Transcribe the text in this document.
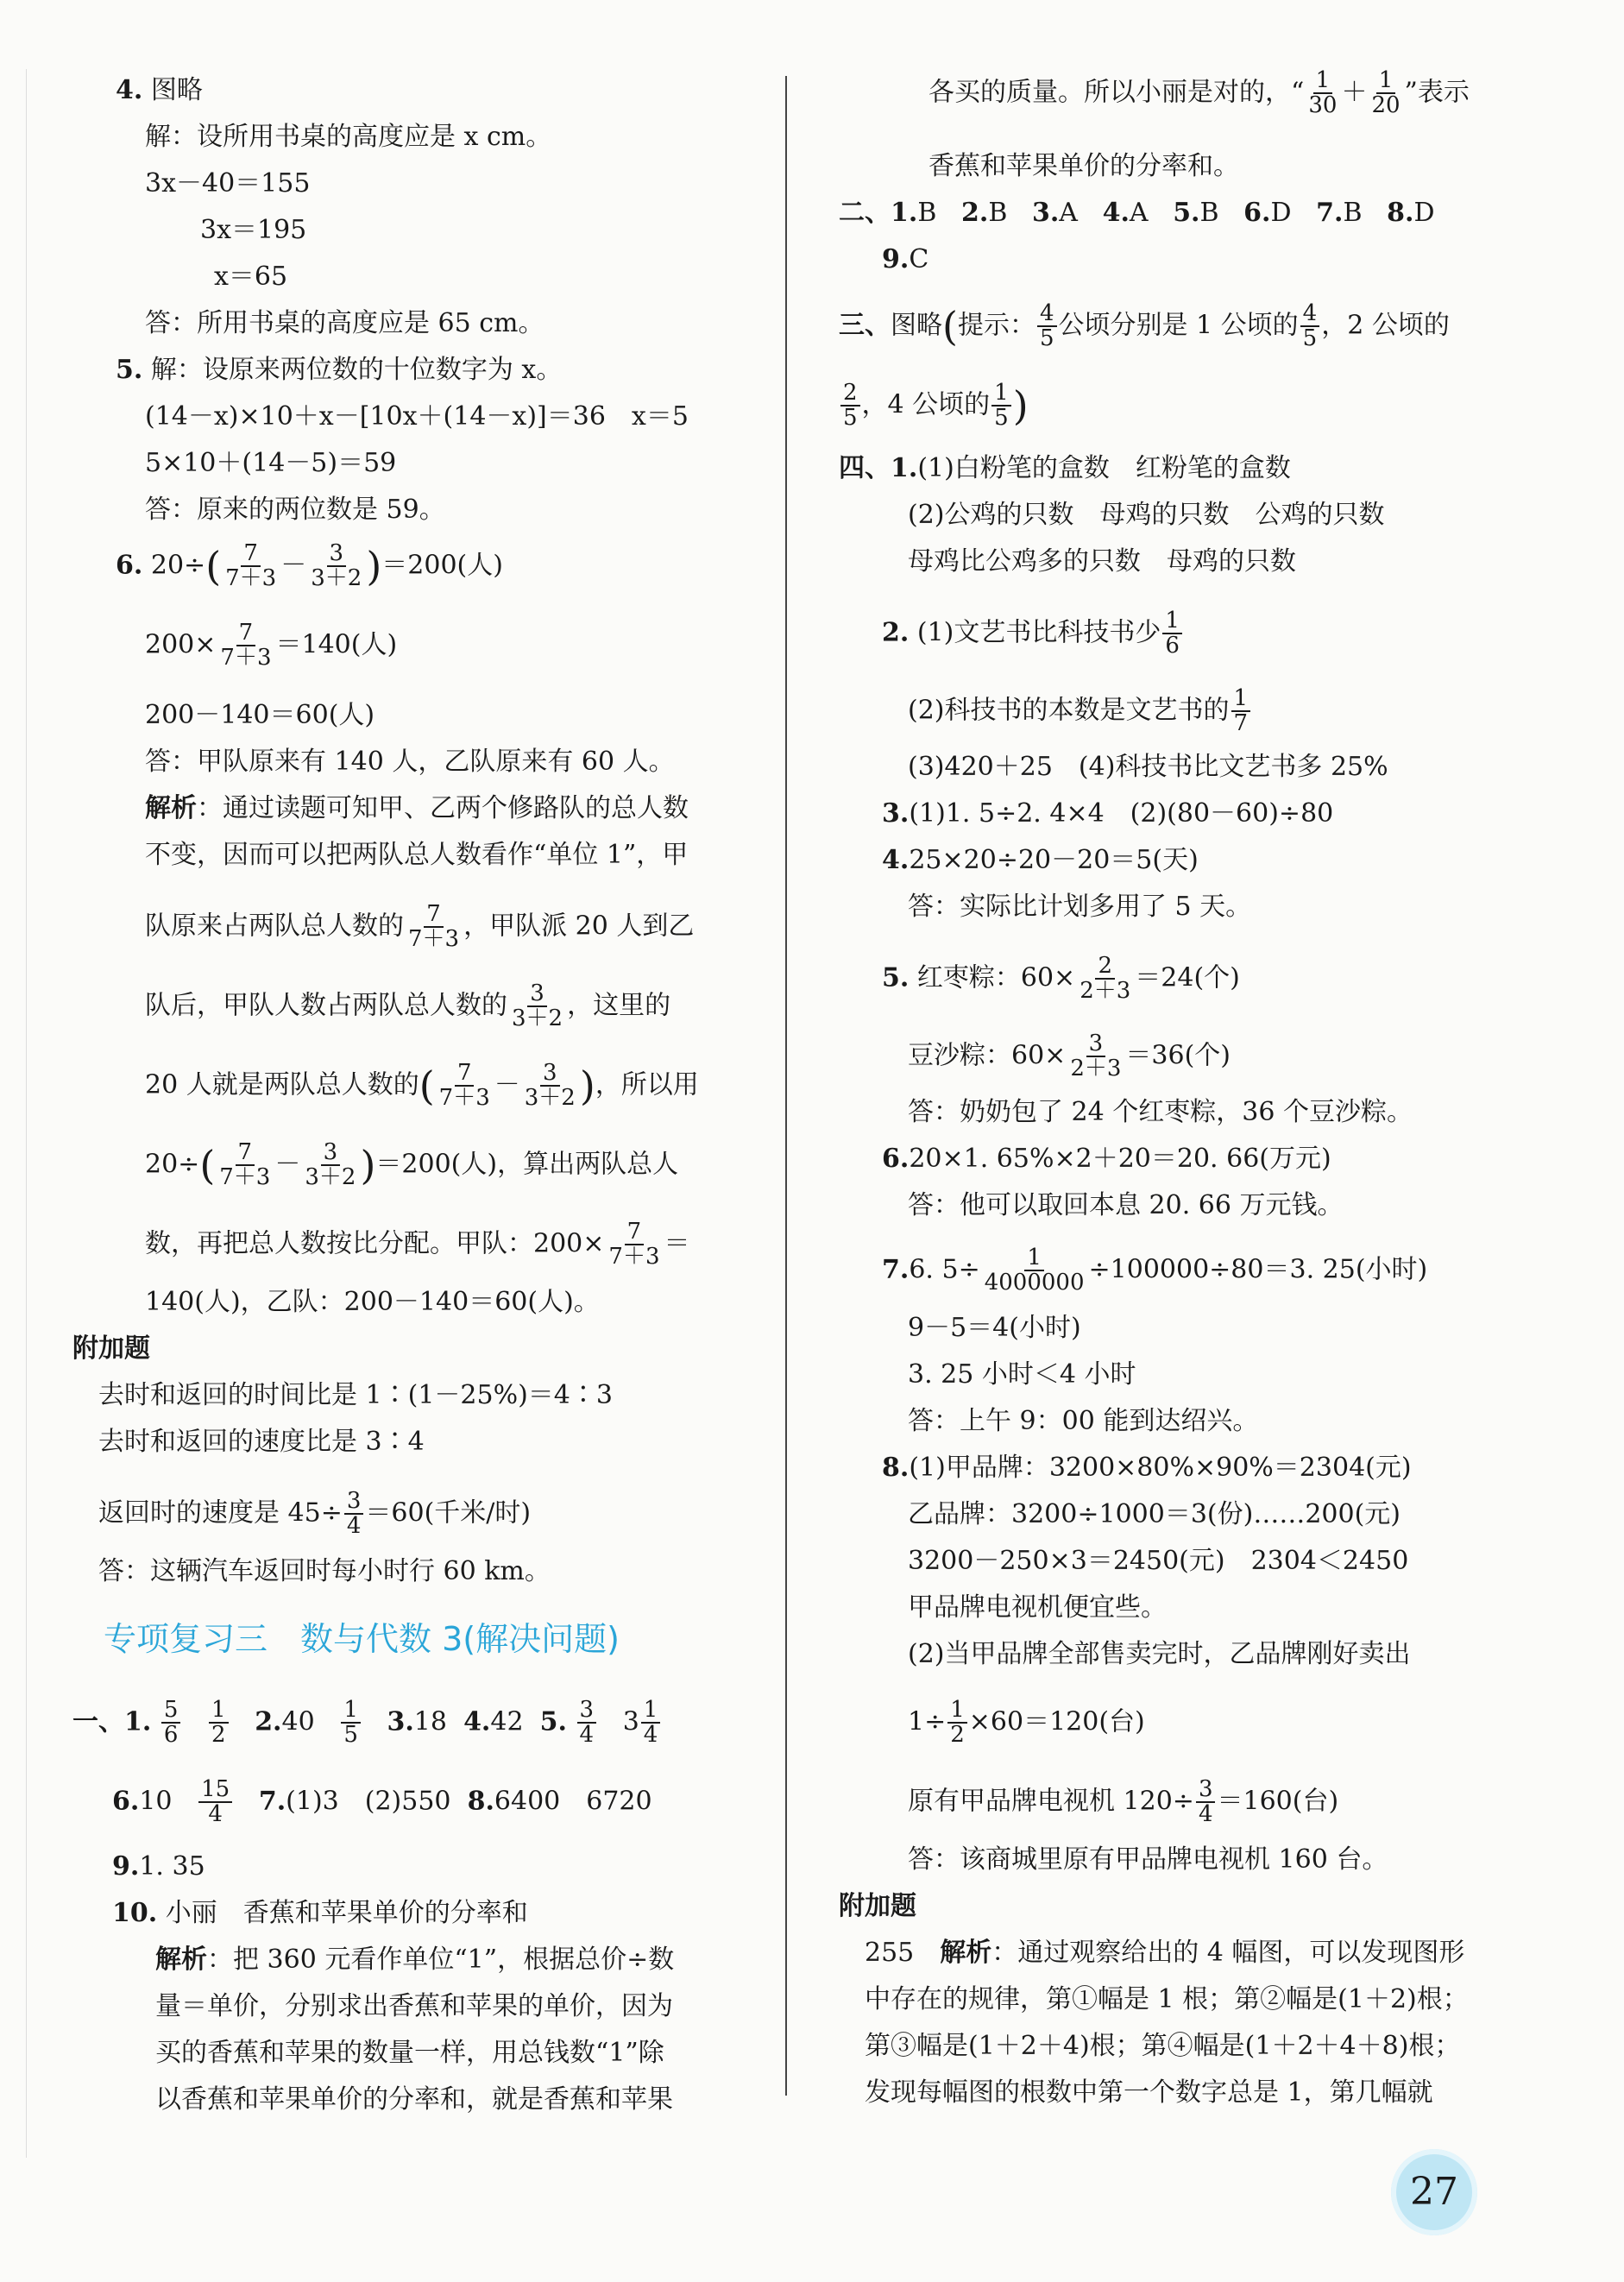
4. 图略
解：设所用书桌的高度应是 x cm。
3x－40＝155
3x＝195
x＝65
答：所用书桌的高度应是 65 cm。
5. 解：设原来两位数的十位数字为 x。
(14－x)×10＋x－[10x＋(14－x)]＝36　x＝5
5×10＋(14－5)＝59
答：原来的两位数是 59。
6. $20\div( \frac{7}{7+3} - \frac{3}{3+2} )=200$(人)
$200\times \frac{7}{7+3} =140$(人)
200－140＝60(人)
答：甲队原来有 140 人，乙队原来有 60 人。
解析：通过读题可知甲、乙两个修路队的总人数
不变，因而可以把两队总人数看作“单位 1”，甲
队原来占两队总人数的 $\frac{7}{7+3}$ ，甲队派 20 人到乙
队后，甲队人数占两队总人数的 $\frac{3}{3+2}$ ，这里的
20 人就是两队总人数的( $\frac{7}{7+3} - \frac{3}{3+2}$ )，所以用
$20\div( \frac{7}{7+3} - \frac{3}{3+2} )=200$(人)，算出两队总人
数，再把总人数按比分配。甲队：$200\times \frac{7}{7+3}$ ＝
140(人)，乙队：200－140＝60(人)。
附加题
去时和返回的时间比是 1∶(1－25%)＝4∶3
去时和返回的速度比是 3∶4
返回时的速度是 $45\div \frac{3}{4} =60$(千米/时)
答：这辆汽车返回时每小时行 60 km。
专项复习三　数与代数 3(解决问题)
一、1. $\frac{5}{6}$
$\frac{1}{2} 2.40 \frac{1}{5} 3.18$ 4.42 5. $\frac{3}{4} 3 \frac{1}{4}$
$6.10 \frac{15}{4} 7.(1)3$　(2)550 8.6400　6720
9.1. 35
10. 小丽　香蕉和苹果单价的分率和
解析：把 360 元看作单位“1”，根据总价÷数
量＝单价，分别求出香蕉和苹果的单价，因为
买的香蕉和苹果的数量一样，用总钱数“1”除
以香蕉和苹果单价的分率和，就是香蕉和苹果
各买的质量。所以小丽是对的，“ $\frac{1}{30} + \frac{1}{20}$ ”表示
香蕉和苹果单价的分率和。
二、1.B 2.B 3.A 4.A 5.B 6.D 7.B 8.D
9.C
三、图略(提示： $\frac{4}{5}$ 公顷分别是 1 公顷的 $\frac{4}{5}$ ，2 公顷的
$\frac{2}{5}$ ，4 公顷的 $\frac{1}{5}$ )
四、1.(1)白粉笔的盒数　红粉笔的盒数
(2)公鸡的只数　母鸡的只数　公鸡的只数
母鸡比公鸡多的只数　母鸡的只数
2. (1)文艺书比科技书少 $\frac{1}{6}$
(2)科技书的本数是文艺书的 $\frac{1}{7}$
(3)420＋25　(4)科技书比文艺书多 25%
3.(1)1. 5÷2. 4×4　(2)(80－60)÷80
4.25×20÷20－20＝5(天)
答：实际比计划多用了 5 天。
5. 红枣粽：$60\times \frac{2}{2+3} =24$(个)
豆沙粽：$60\times \frac{3}{2+3} =36$(个)
答：奶奶包了 24 个红枣粽，36 个豆沙粽。
6.20×1. 65%×2＋20＝20. 66(万元)
答：他可以取回本息 20. 66 万元钱。
7.6. $5\div \frac{1}{4000000} \div 100000\div 80=3$. 25(小时)
9－5＝4(小时)
3. 25 小时＜4 小时
答：上午 9：00 能到达绍兴。
8.(1)甲品牌：3200×80%×90%＝2304(元)
乙品牌：3200÷1000＝3(份)……200(元)
3200－250×3＝2450(元)　2304＜2450
甲品牌电视机便宜些。
(2)当甲品牌全部售卖完时，乙品牌刚好卖出
$1\div \frac{1}{2} \times 60=120$(台)
原有甲品牌电视机 $120\div \frac{3}{4} =160$(台)
答：该商城里原有甲品牌电视机 160 台。
附加题
255　解析：通过观察给出的 4 幅图，可以发现图形
中存在的规律，第①幅是 1 根；第②幅是(1＋2)根；
第③幅是(1＋2＋4)根；第④幅是(1＋2＋4＋8)根；
发现每幅图的根数中第一个数字总是 1，第几幅就
27
